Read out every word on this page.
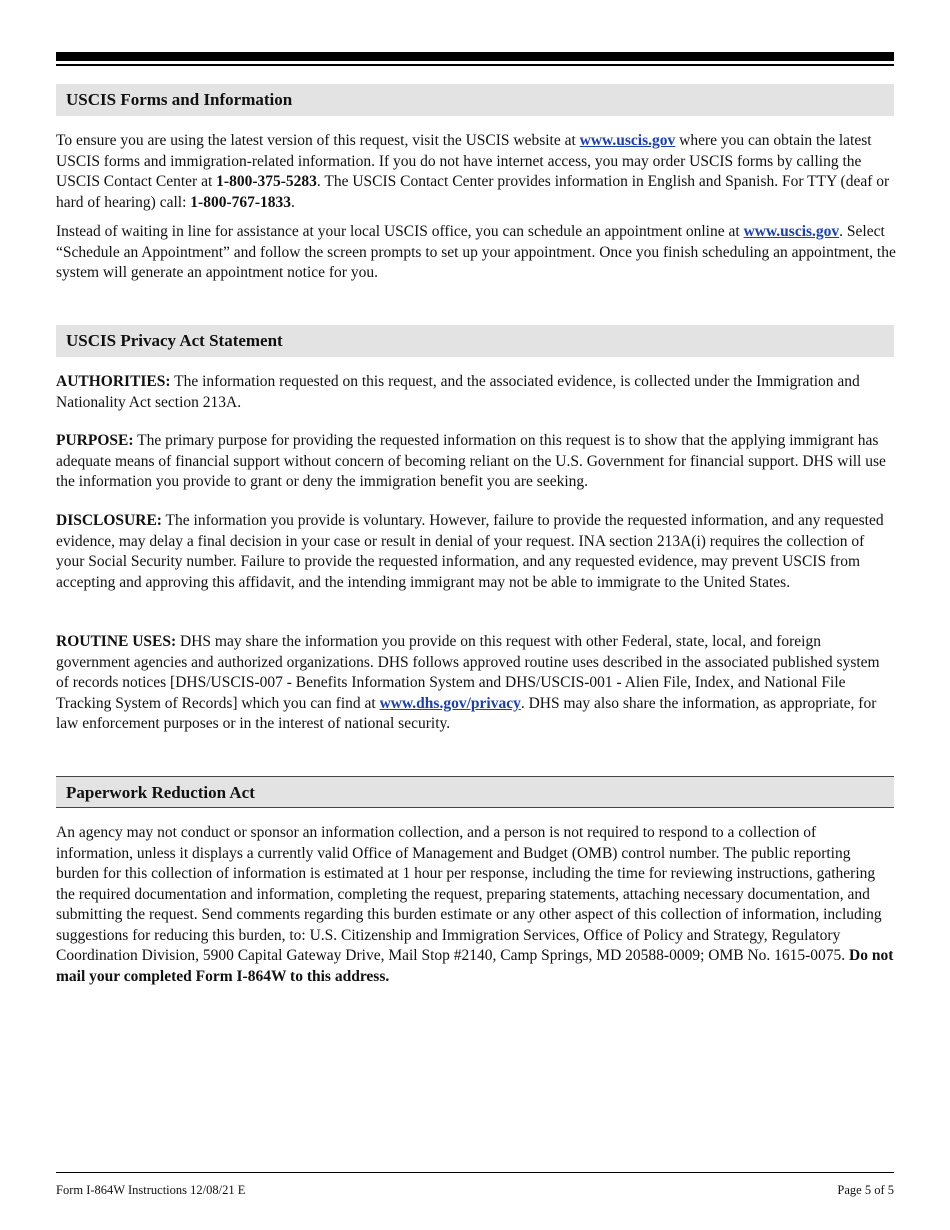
USCIS Forms and Information

To ensure you are using the latest version of this request, visit the USCIS website at www.uscis.gov where you can obtain the latest USCIS forms and immigration-related information. If you do not have internet access, you may order USCIS forms by calling the USCIS Contact Center at 1-800-375-5283. The USCIS Contact Center provides information in English and Spanish. For TTY (deaf or hard of hearing) call: 1-800-767-1833.

Instead of waiting in line for assistance at your local USCIS office, you can schedule an appointment online at www.uscis.gov. Select “Schedule an Appointment” and follow the screen prompts to set up your appointment. Once you finish scheduling an appointment, the system will generate an appointment notice for you.

USCIS Privacy Act Statement

AUTHORITIES: The information requested on this request, and the associated evidence, is collected under the Immigration and Nationality Act section 213A.

PURPOSE: The primary purpose for providing the requested information on this request is to show that the applying immigrant has adequate means of financial support without concern of becoming reliant on the U.S. Government for financial support. DHS will use the information you provide to grant or deny the immigration benefit you are seeking.

DISCLOSURE: The information you provide is voluntary. However, failure to provide the requested information, and any requested evidence, may delay a final decision in your case or result in denial of your request. INA section 213A(i) requires the collection of your Social Security number. Failure to provide the requested information, and any requested evidence, may prevent USCIS from accepting and approving this affidavit, and the intending immigrant may not be able to immigrate to the United States.

ROUTINE USES: DHS may share the information you provide on this request with other Federal, state, local, and foreign government agencies and authorized organizations. DHS follows approved routine uses described in the associated published system of records notices [DHS/USCIS-007 - Benefits Information System and DHS/USCIS-001 - Alien File, Index, and National File Tracking System of Records] which you can find at www.dhs.gov/privacy. DHS may also share the information, as appropriate, for law enforcement purposes or in the interest of national security.

Paperwork Reduction Act

An agency may not conduct or sponsor an information collection, and a person is not required to respond to a collection of information, unless it displays a currently valid Office of Management and Budget (OMB) control number. The public reporting burden for this collection of information is estimated at 1 hour per response, including the time for reviewing instructions, gathering the required documentation and information, completing the request, preparing statements, attaching necessary documentation, and submitting the request. Send comments regarding this burden estimate or any other aspect of this collection of information, including suggestions for reducing this burden, to: U.S. Citizenship and Immigration Services, Office of Policy and Strategy, Regulatory Coordination Division, 5900 Capital Gateway Drive, Mail Stop #2140, Camp Springs, MD 20588-0009; OMB No. 1615-0075. Do not mail your completed Form I-864W to this address.

Form I-864W Instructions 12/08/21 E	Page 5 of 5
